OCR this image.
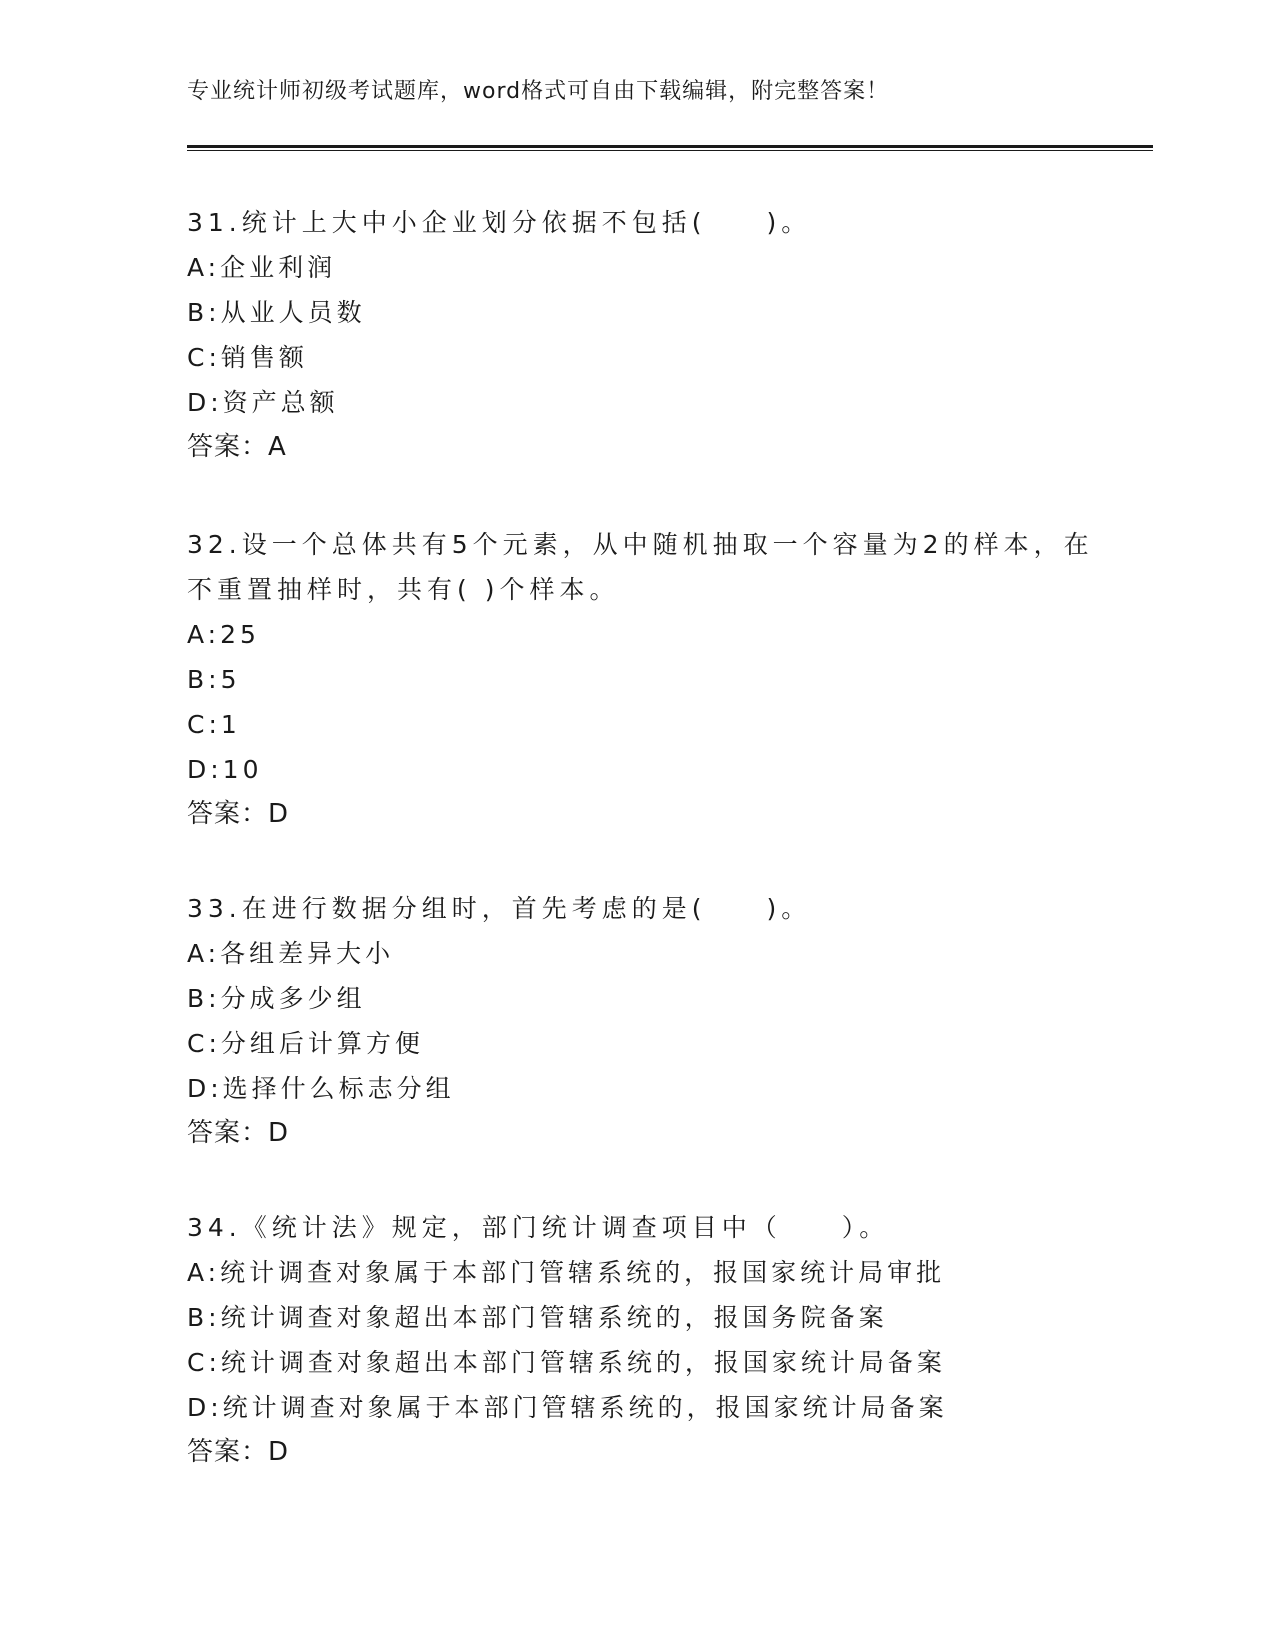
专业统计师初级考试题库，word格式可自由下载编辑，附完整答案！
31.统计上大中小企业划分依据不包括(　　)。
A:企业利润
B:从业人员数
C:销售额
D:资产总额
答案：A
32.设一个总体共有5个元素，从中随机抽取一个容量为2的样本，在
不重置抽样时，共有( )个样本。
A:25
B:5
C:1
D:10
答案：D
33.在进行数据分组时，首先考虑的是(　　)。
A:各组差异大小
B:分成多少组
C:分组后计算方便
D:选择什么标志分组
答案：D
34.《统计法》规定，部门统计调查项目中（　　）。
A:统计调查对象属于本部门管辖系统的，报国家统计局审批
B:统计调查对象超出本部门管辖系统的，报国务院备案
C:统计调查对象超出本部门管辖系统的，报国家统计局备案
D:统计调查对象属于本部门管辖系统的，报国家统计局备案
答案：D
